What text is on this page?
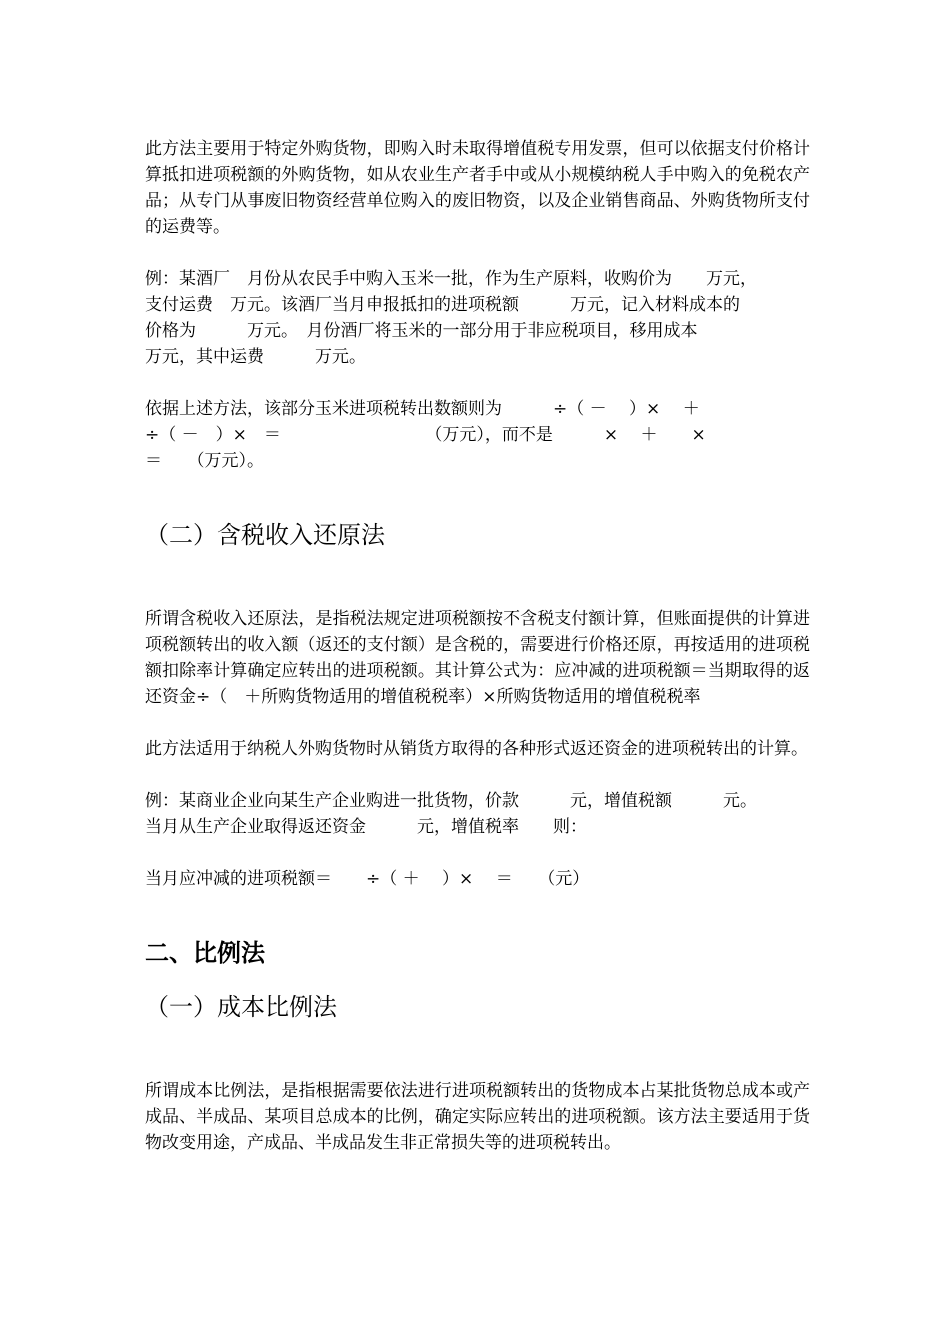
此方法主要用于特定外购货物，即购入时未取得增值税专用发票，但可以依据支付价格计算抵扣进项税额的外购货物，如从农业生产者手中或从小规模纳税人手中购入的免税农产品；从专门从事废旧物资经营单位购入的废旧物资，以及企业销售商品、外购货物所支付的运费等。

例：某酒厂　月份从农民手中购入玉米一批，作为生产原料，收购价为　　万元，
支付运费　万元。该酒厂当月申报抵扣的进项税额　　　万元，记入材料成本的
价格为　　　万元。　月份酒厂将玉米的一部分用于非应税项目，移用成本
万元，其中运费　　　万元。

依据上述方法，该部分玉米进项税转出数额则为　　　÷（ －　 ）×　 ＋
÷（ －　）×　＝　　　　　　　　　（万元），而不是　　　×　 ＋　　×
＝　　（万元）。

（二）含税收入还原法

所谓含税收入还原法，是指税法规定进项税额按不含税支付额计算，但账面提供的计算进项税额转出的收入额（返还的支付额）是含税的，需要进行价格还原，再按适用的进项税额扣除率计算确定应转出的进项税额。其计算公式为：应冲减的进项税额＝当期取得的返还资金÷（　＋所购货物适用的增值税税率）×所购货物适用的增值税税率

此方法适用于纳税人外购货物时从销货方取得的各种形式返还资金的进项税转出的计算。

例：某商业企业向某生产企业购进一批货物，价款　　　元，增值税额　　　元。
当月从生产企业取得返还资金　　　元，增值税率　　则：

当月应冲减的进项税额＝　　÷（ ＋　 ）×　 ＝　　（元）

二、比例法
（一）成本比例法

所谓成本比例法，是指根据需要依法进行进项税额转出的货物成本占某批货物总成本或产成品、半成品、某项目总成本的比例，确定实际应转出的进项税额。该方法主要适用于货物改变用途，产成品、半成品发生非正常损失等的进项税转出。
